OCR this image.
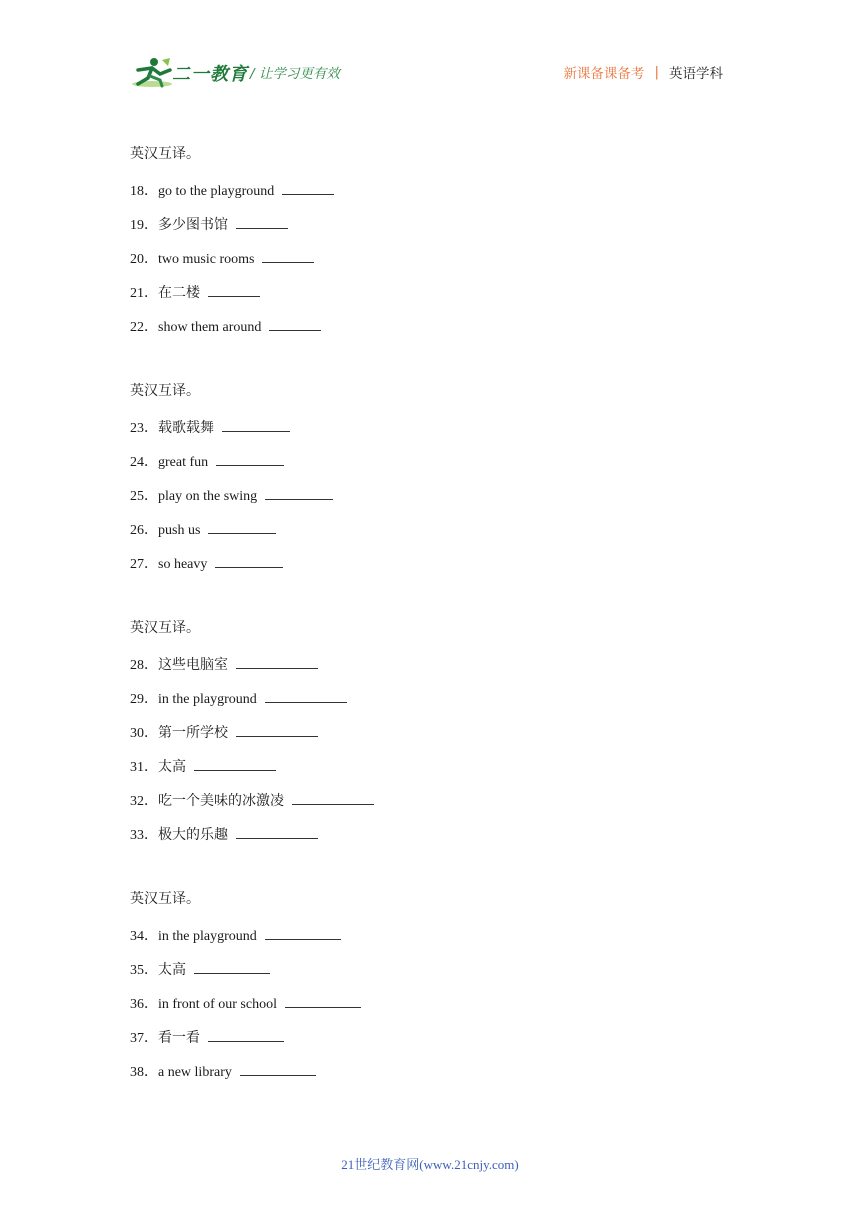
二一教育 / 让学习更有效	新课备课备考 | 英语学科
英汉互译。
18．go to the playground
19．多少图书馆
20．two music rooms
21．在二楼
22．show them around
英汉互译。
23．载歌载舞
24．great fun
25．play on the swing
26．push us
27．so heavy
英汉互译。
28．这些电脑室
29．in the playground
30．第一所学校
31．太高
32．吃一个美味的冰激凌
33．极大的乐趣
英汉互译。
34．in the playground
35．太高
36．in front of our school
37．看一看
38．a new library
21世纪教育网(www.21cnjy.com)
